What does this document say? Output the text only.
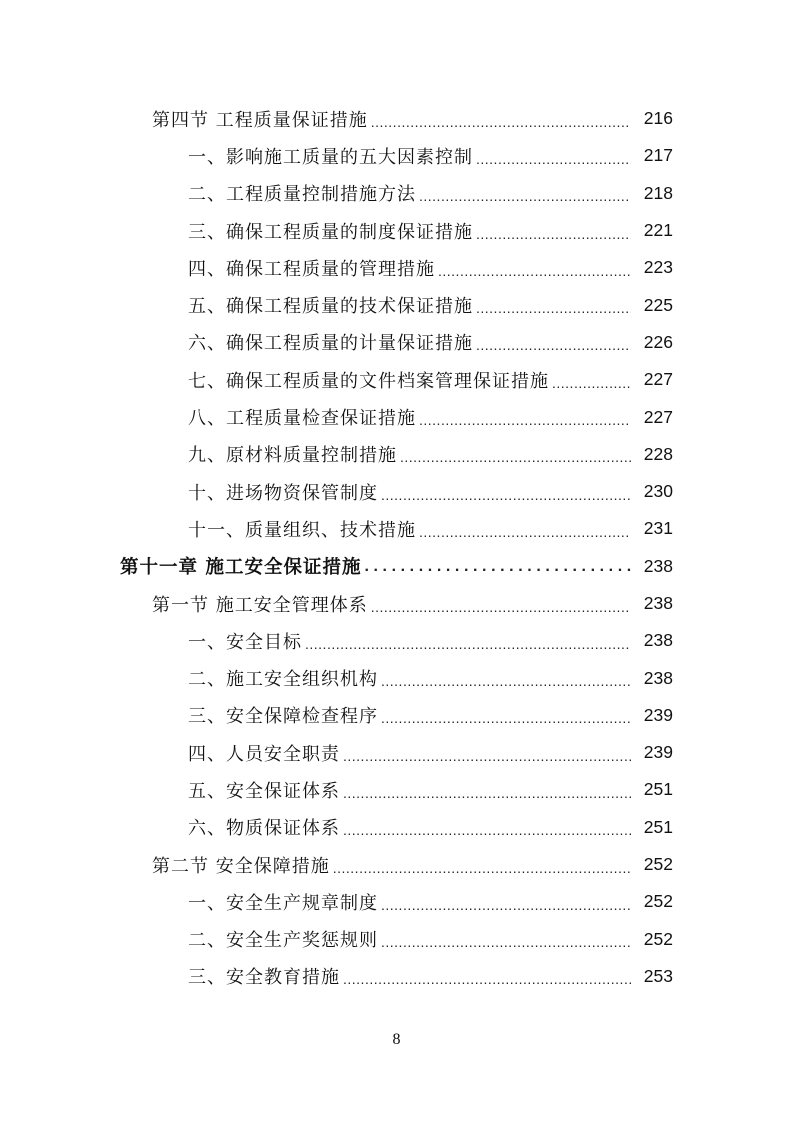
第四节 工程质量保证措施 .....	216
一、影响施工质量的五大因素控制 .....	217
二、工程质量控制措施方法 .....	218
三、确保工程质量的制度保证措施 .....	221
四、确保工程质量的管理措施 .....	223
五、确保工程质量的技术保证措施 .....	225
六、确保工程质量的计量保证措施 .....	226
七、确保工程质量的文件档案管理保证措施 .....	227
八、工程质量检查保证措施 .....	227
九、原材料质量控制措施 .....	228
十、进场物资保管制度 .....	230
十一、质量组织、技术措施 .....	231
第十一章 施工安全保证措施 .....	238
第一节 施工安全管理体系 .....	238
一、安全目标 .....	238
二、施工安全组织机构 .....	238
三、安全保障检查程序 .....	239
四、人员安全职责 .....	239
五、安全保证体系 .....	251
六、物质保证体系 .....	251
第二节 安全保障措施 .....	252
一、安全生产规章制度 .....	252
二、安全生产奖惩规则 .....	252
三、安全教育措施 .....	253
8
